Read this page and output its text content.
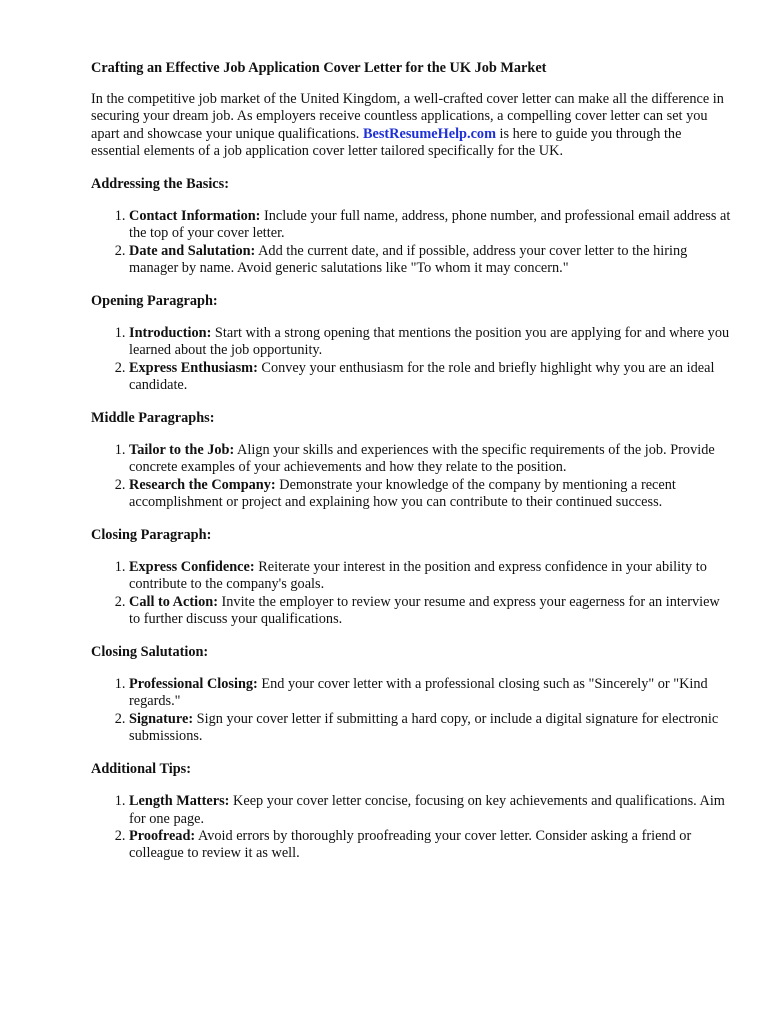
Crafting an Effective Job Application Cover Letter for the UK Job Market

In the competitive job market of the United Kingdom, a well-crafted cover letter can make all the difference in securing your dream job. As employers receive countless applications, a compelling cover letter can set you apart and showcase your unique qualifications. BestResumeHelp.com is here to guide you through the essential elements of a job application cover letter tailored specifically for the UK.

Addressing the Basics:
1. Contact Information: Include your full name, address, phone number, and professional email address at the top of your cover letter.
2. Date and Salutation: Add the current date, and if possible, address your cover letter to the hiring manager by name. Avoid generic salutations like "To whom it may concern."
Opening Paragraph:
1. Introduction: Start with a strong opening that mentions the position you are applying for and where you learned about the job opportunity.
2. Express Enthusiasm: Convey your enthusiasm for the role and briefly highlight why you are an ideal candidate.
Middle Paragraphs:
1. Tailor to the Job: Align your skills and experiences with the specific requirements of the job. Provide concrete examples of your achievements and how they relate to the position.
2. Research the Company: Demonstrate your knowledge of the company by mentioning a recent accomplishment or project and explaining how you can contribute to their continued success.
Closing Paragraph:
1. Express Confidence: Reiterate your interest in the position and express confidence in your ability to contribute to the company's goals.
2. Call to Action: Invite the employer to review your resume and express your eagerness for an interview to further discuss your qualifications.
Closing Salutation:
1. Professional Closing: End your cover letter with a professional closing such as "Sincerely" or "Kind regards."
2. Signature: Sign your cover letter if submitting a hard copy, or include a digital signature for electronic submissions.
Additional Tips:
1. Length Matters: Keep your cover letter concise, focusing on key achievements and qualifications. Aim for one page.
2. Proofread: Avoid errors by thoroughly proofreading your cover letter. Consider asking a friend or colleague to review it as well.
